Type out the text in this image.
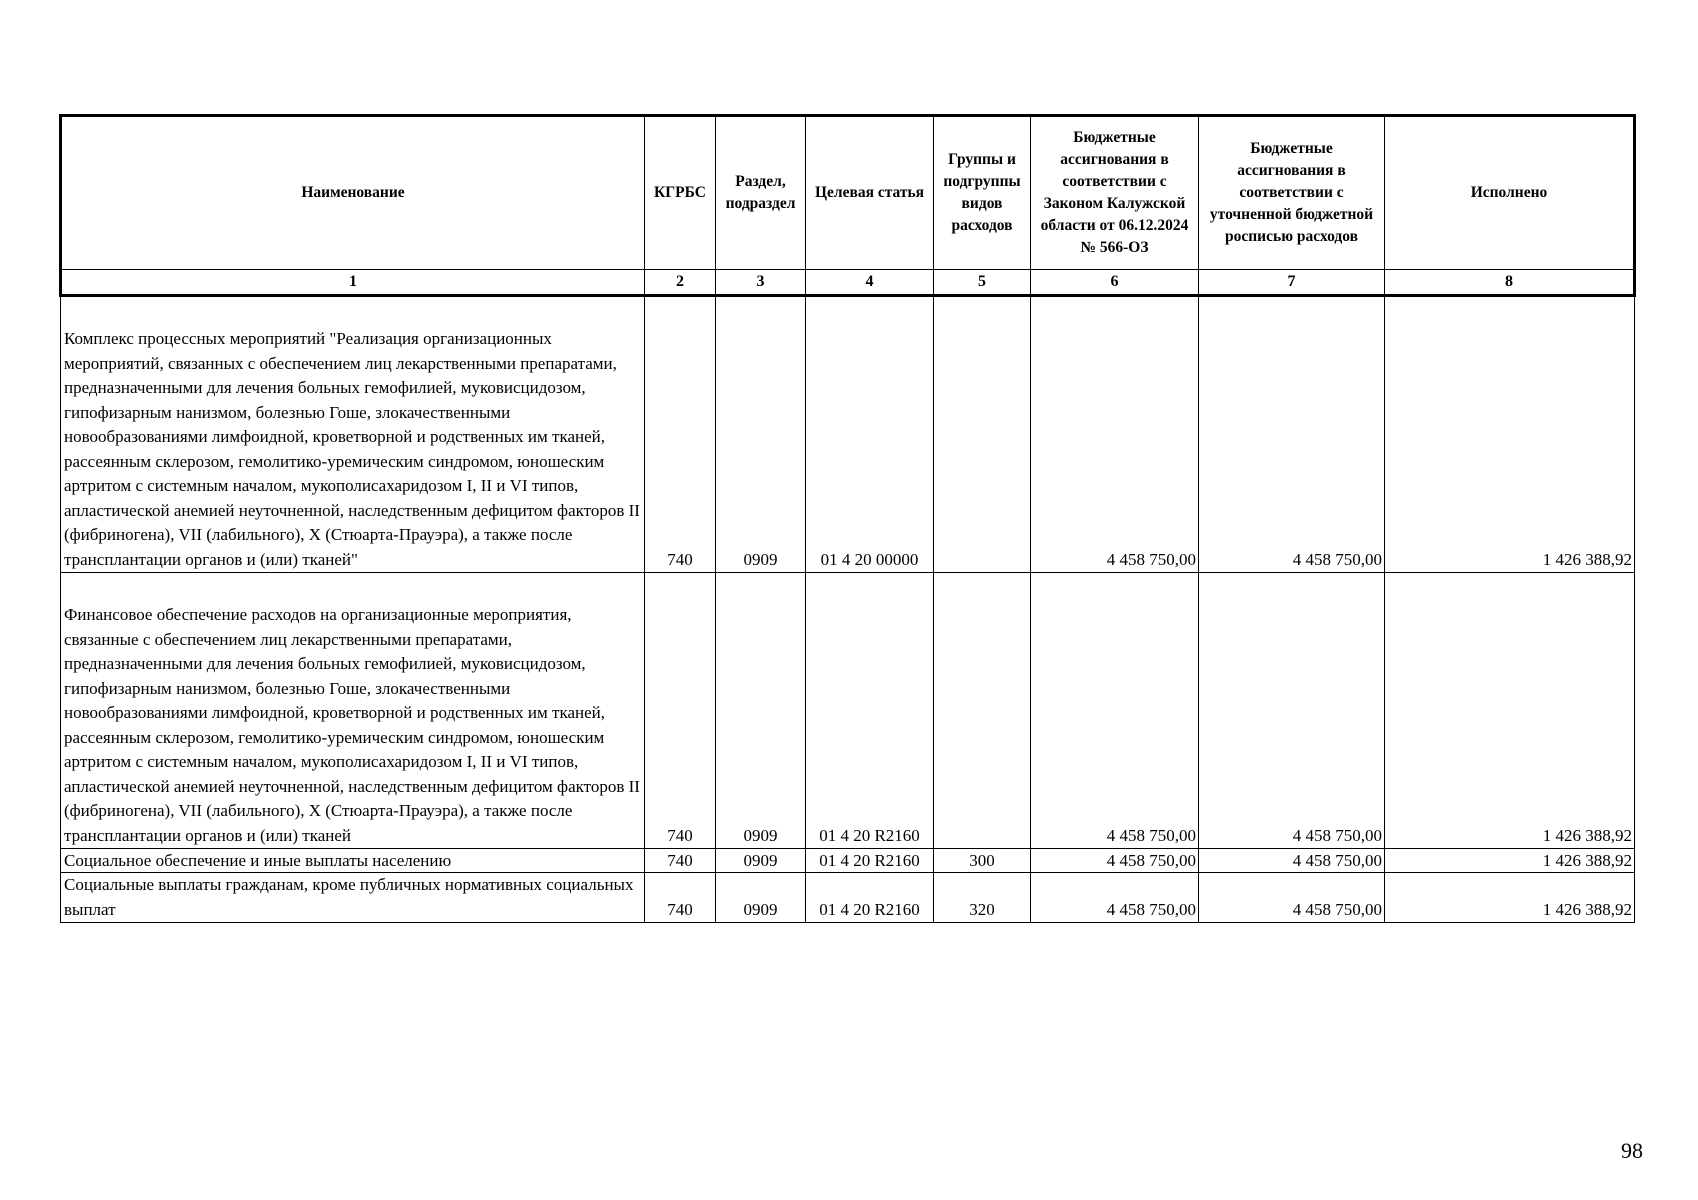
Наименование	КГРБС	Раздел, подраздел	Целевая статья	Группы и подгруппы видов расходов	Бюджетные ассигнования в соответствии с Законом Калужской области от 06.12.2024 № 566-ОЗ	Бюджетные ассигнования в соответствии с уточненной бюджетной росписью расходов	Исполнено
1	2	3	4	5	6	7	8
Комплекс процессных мероприятий "Реализация организационных мероприятий, связанных с обеспечением лиц лекарственными препаратами, предназначенными для лечения больных гемофилией, муковисцидозом, гипофизарным нанизмом, болезнью Гоше, злокачественными новообразованиями лимфоидной, кроветворной и родственных им тканей, рассеянным склерозом, гемолитико-уремическим синдромом, юношеским артритом с системным началом, мукополисахаридозом I, II и VI типов, апластической анемией неуточненной, наследственным дефицитом факторов II (фибриногена), VII (лабильного), X (Стюарта-Прауэра), а также после трансплантации органов и (или) тканей"	740	0909	01 4 20 00000		4 458 750,00	4 458 750,00	1 426 388,92
Финансовое обеспечение расходов на организационные мероприятия, связанные с обеспечением лиц лекарственными препаратами, предназначенными для лечения больных гемофилией, муковисцидозом, гипофизарным нанизмом, болезнью Гоше, злокачественными новообразованиями лимфоидной, кроветворной и родственных им тканей, рассеянным склерозом, гемолитико-уремическим синдромом, юношеским артритом с системным началом, мукополисахаридозом I, II и VI типов, апластической анемией неуточненной, наследственным дефицитом факторов II (фибриногена), VII (лабильного), X (Стюарта-Прауэра), а также после трансплантации органов и (или) тканей	740	0909	01 4 20 R2160		4 458 750,00	4 458 750,00	1 426 388,92
Социальное обеспечение и иные выплаты населению	740	0909	01 4 20 R2160	300	4 458 750,00	4 458 750,00	1 426 388,92
Социальные выплаты гражданам, кроме публичных нормативных социальных выплат	740	0909	01 4 20 R2160	320	4 458 750,00	4 458 750,00	1 426 388,92
98
